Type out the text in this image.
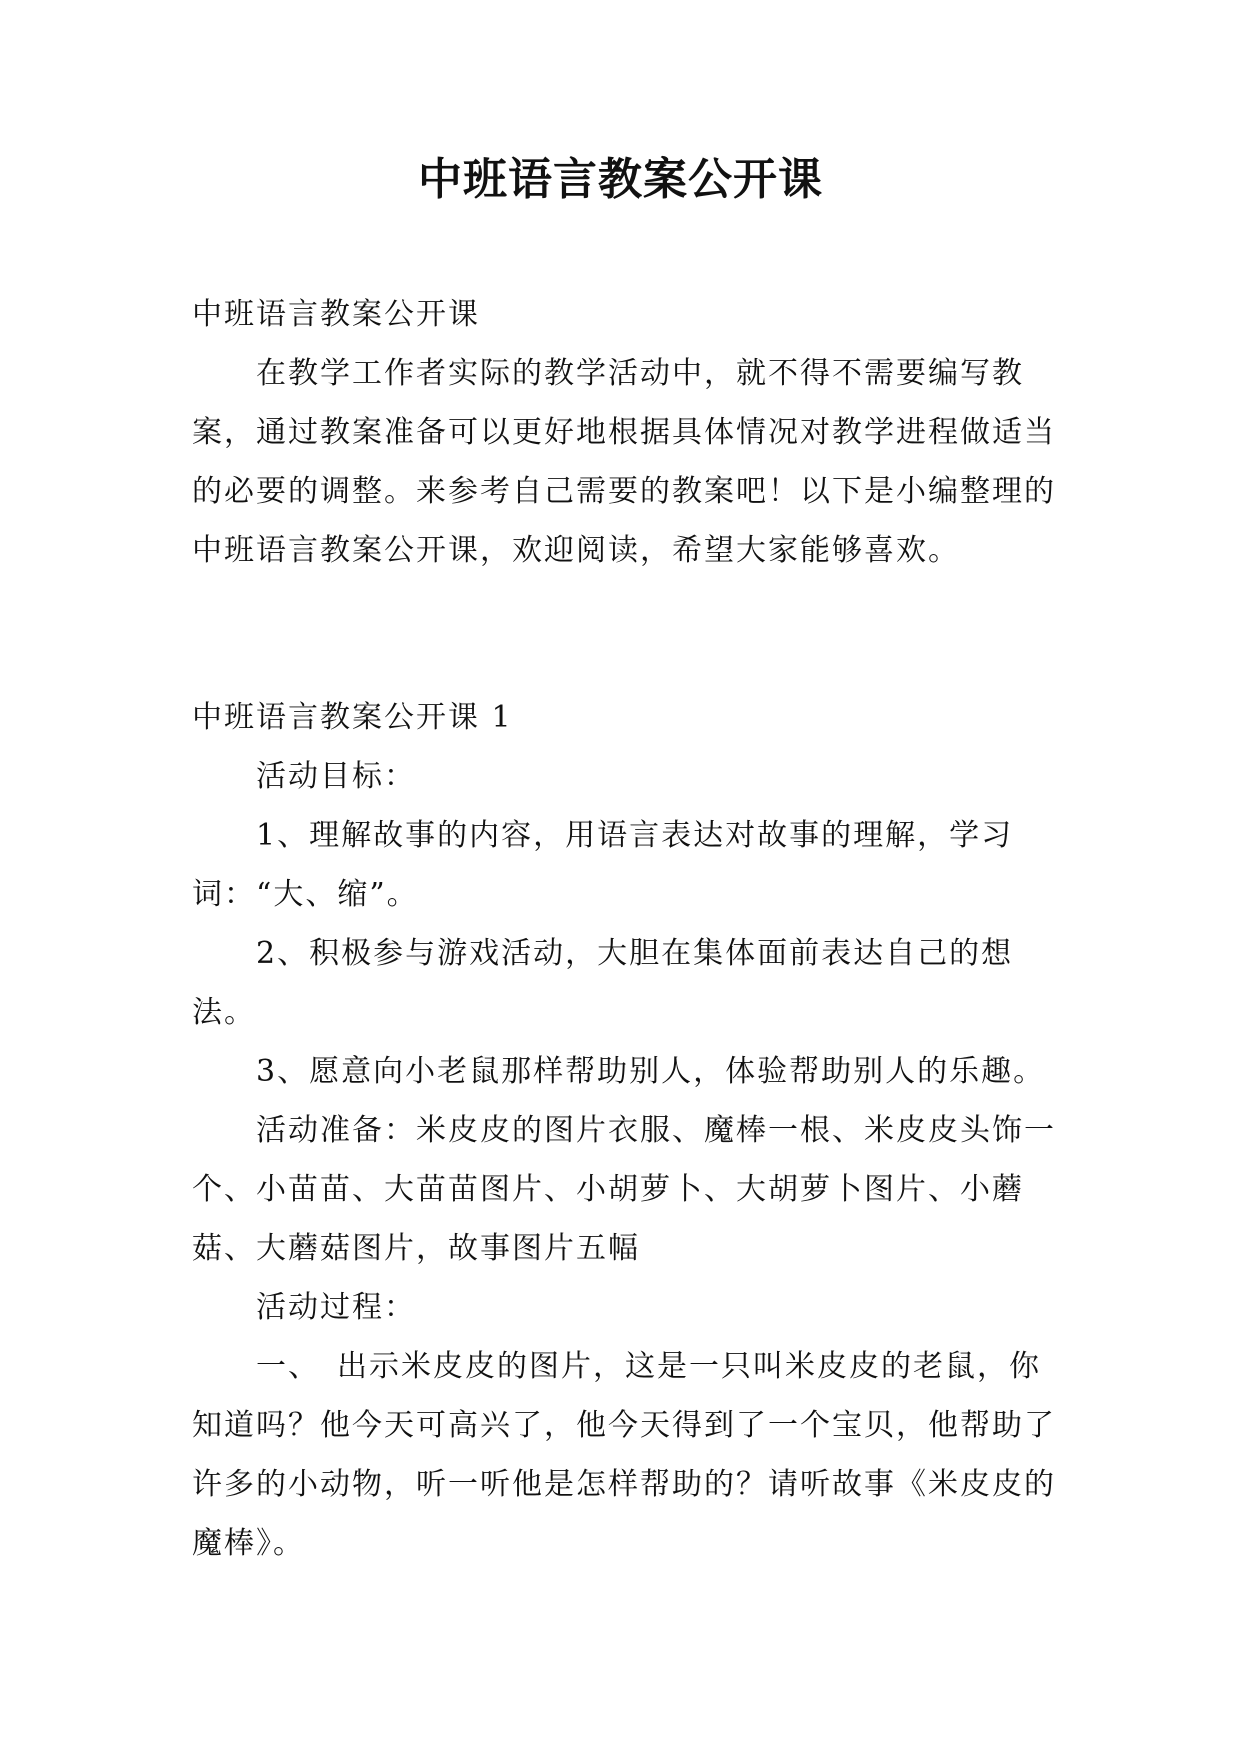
中班语言教案公开课

中班语言教案公开课

在教学工作者实际的教学活动中，就不得不需要编写教案，通过教案准备可以更好地根据具体情况对教学进程做适当的必要的调整。来参考自己需要的教案吧！以下是小编整理的中班语言教案公开课，欢迎阅读，希望大家能够喜欢。

中班语言教案公开课 1

活动目标：

1、理解故事的内容，用语言表达对故事的理解，学习词：“大、缩”。

2、积极参与游戏活动，大胆在集体面前表达自己的想法。

3、愿意向小老鼠那样帮助别人，体验帮助别人的乐趣。

活动准备：米皮皮的图片衣服、魔棒一根、米皮皮头饰一个、小苗苗、大苗苗图片、小胡萝卜、大胡萝卜图片、小蘑菇、大蘑菇图片，故事图片五幅

活动过程：

一、　出示米皮皮的图片，这是一只叫米皮皮的老鼠，你知道吗？他今天可高兴了，他今天得到了一个宝贝，他帮助了许多的小动物，听一听他是怎样帮助的？请听故事《米皮皮的魔棒》。
